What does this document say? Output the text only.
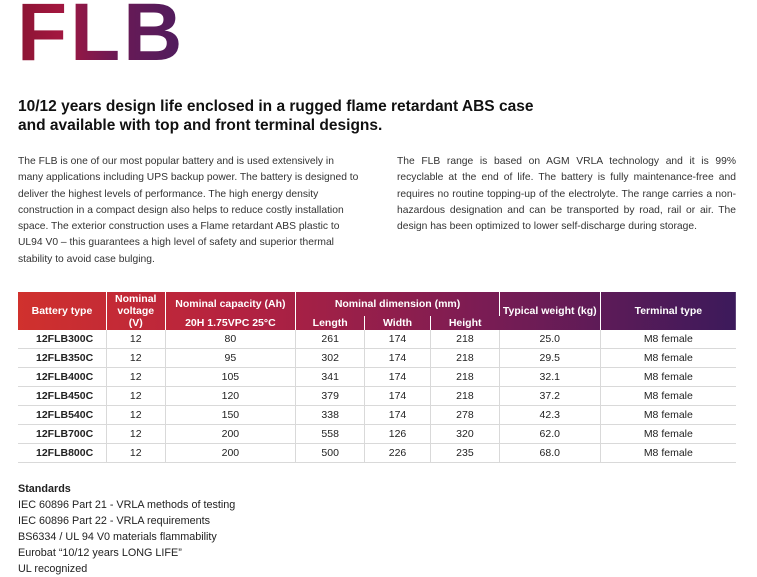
FLB
10/12 years design life enclosed in a rugged flame retardant ABS case
and available with top and front terminal designs.
The FLB is one of our most popular battery and is used extensively in many applications including UPS backup power. The battery is designed to deliver the highest levels of performance. The high energy density construction in a compact design also helps to reduce costly installation space. The exterior construction uses a Flame retardant ABS plastic to UL94 V0 – this guarantees a high level of safety and superior thermal stability to avoid case bulging.
The FLB range is based on AGM VRLA technology and it is 99% recyclable at the end of life. The battery is fully maintenance-free and requires no routine topping-up of the electrolyte. The range carries a non-hazardous designation and can be transported by road, rail or air. The design has been optimized to lower self-discharge during storage.
Battery type	Nominal voltage (V)	Nominal capacity (Ah)	Nominal dimension (mm)			Typical weight (kg)	Terminal type
		20H 1.75VPC 25°C	Length	Width	Height		
12FLB300C	12	80	261	174	218	25.0	M8 female
12FLB350C	12	95	302	174	218	29.5	M8 female
12FLB400C	12	105	341	174	218	32.1	M8 female
12FLB450C	12	120	379	174	218	37.2	M8 female
12FLB540C	12	150	338	174	278	42.3	M8 female
12FLB700C	12	200	558	126	320	62.0	M8 female
12FLB800C	12	200	500	226	235	68.0	M8 female
Standards
IEC 60896 Part 21 - VRLA methods of testing
IEC 60896 Part 22 - VRLA requirements
BS6334 / UL 94 V0 materials flammability
Eurobat “10/12 years LONG LIFE”
UL recognized
